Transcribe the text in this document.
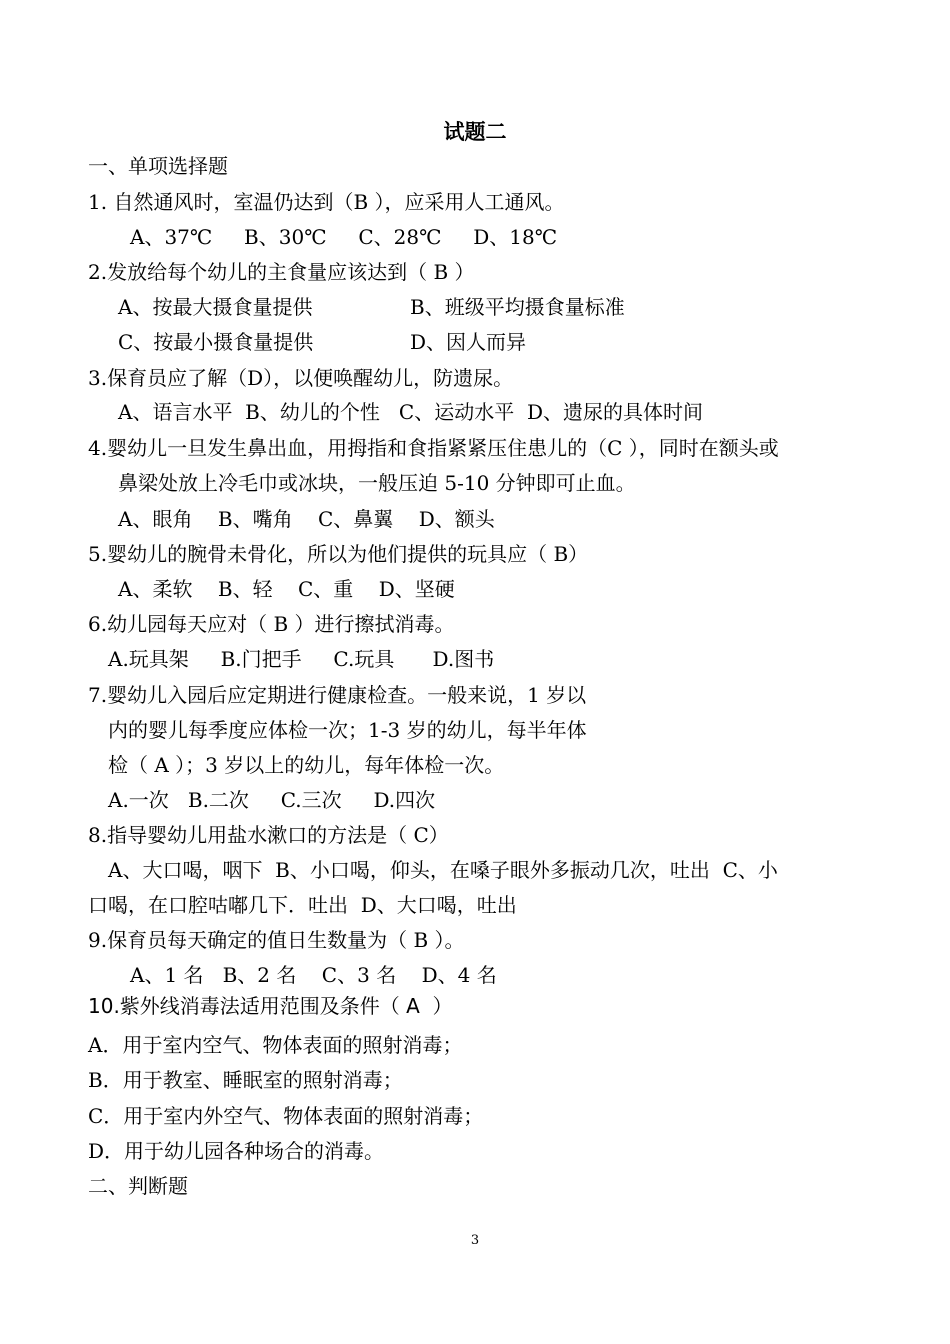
试题二
一、单项选择题
1. 自然通风时，室温仍达到（B ），应采用人工通风。
A、37℃     B、30℃     C、28℃     D、18℃
2.发放给每个幼儿的主食量应该达到（ B ）
A、按最大摄食量提供	B、班级平均摄食量标准
C、按最小摄食量提供	D、因人而异
3.保育员应了解（D），以便唤醒幼儿，防遗尿。
A、语言水平  B、幼儿的个性   C、运动水平  D、遗尿的具体时间
4.婴幼儿一旦发生鼻出血，用拇指和食指紧紧压住患儿的（C ），同时在额头或
鼻梁处放上冷毛巾或冰块，一般压迫 5-10 分钟即可止血。
A、眼角    B、嘴角    C、鼻翼    D、额头
5.婴幼儿的腕骨未骨化，所以为他们提供的玩具应（ B）
A、柔软    B、轻    C、重    D、坚硬
6.幼儿园每天应对（ B ）进行擦拭消毒。
A.玩具架     B.门把手     C.玩具      D.图书
7.婴幼儿入园后应定期进行健康检查。一般来说，1 岁以
内的婴儿每季度应体检一次；1-3 岁的幼儿，每半年体
检（ A ）；3 岁以上的幼儿，每年体检一次。
A.一次   B.二次     C.三次     D.四次
8.指导婴幼儿用盐水漱口的方法是（ C）
A、大口喝，咽下  B、小口喝，仰头，在嗓子眼外多振动几次，吐出  C、小
口喝，在口腔咕嘟几下．吐出  D、大口喝，吐出
9.保育员每天确定的值日生数量为（ B ）。
A、1 名   B、2 名    C、3 名    D、4 名
10.紫外线消毒法适用范围及条件（ A  ）
A．用于室内空气、物体表面的照射消毒；
B．用于教室、睡眠室的照射消毒；
C．用于室内外空气、物体表面的照射消毒；
D．用于幼儿园各种场合的消毒。
二、判断题
3
